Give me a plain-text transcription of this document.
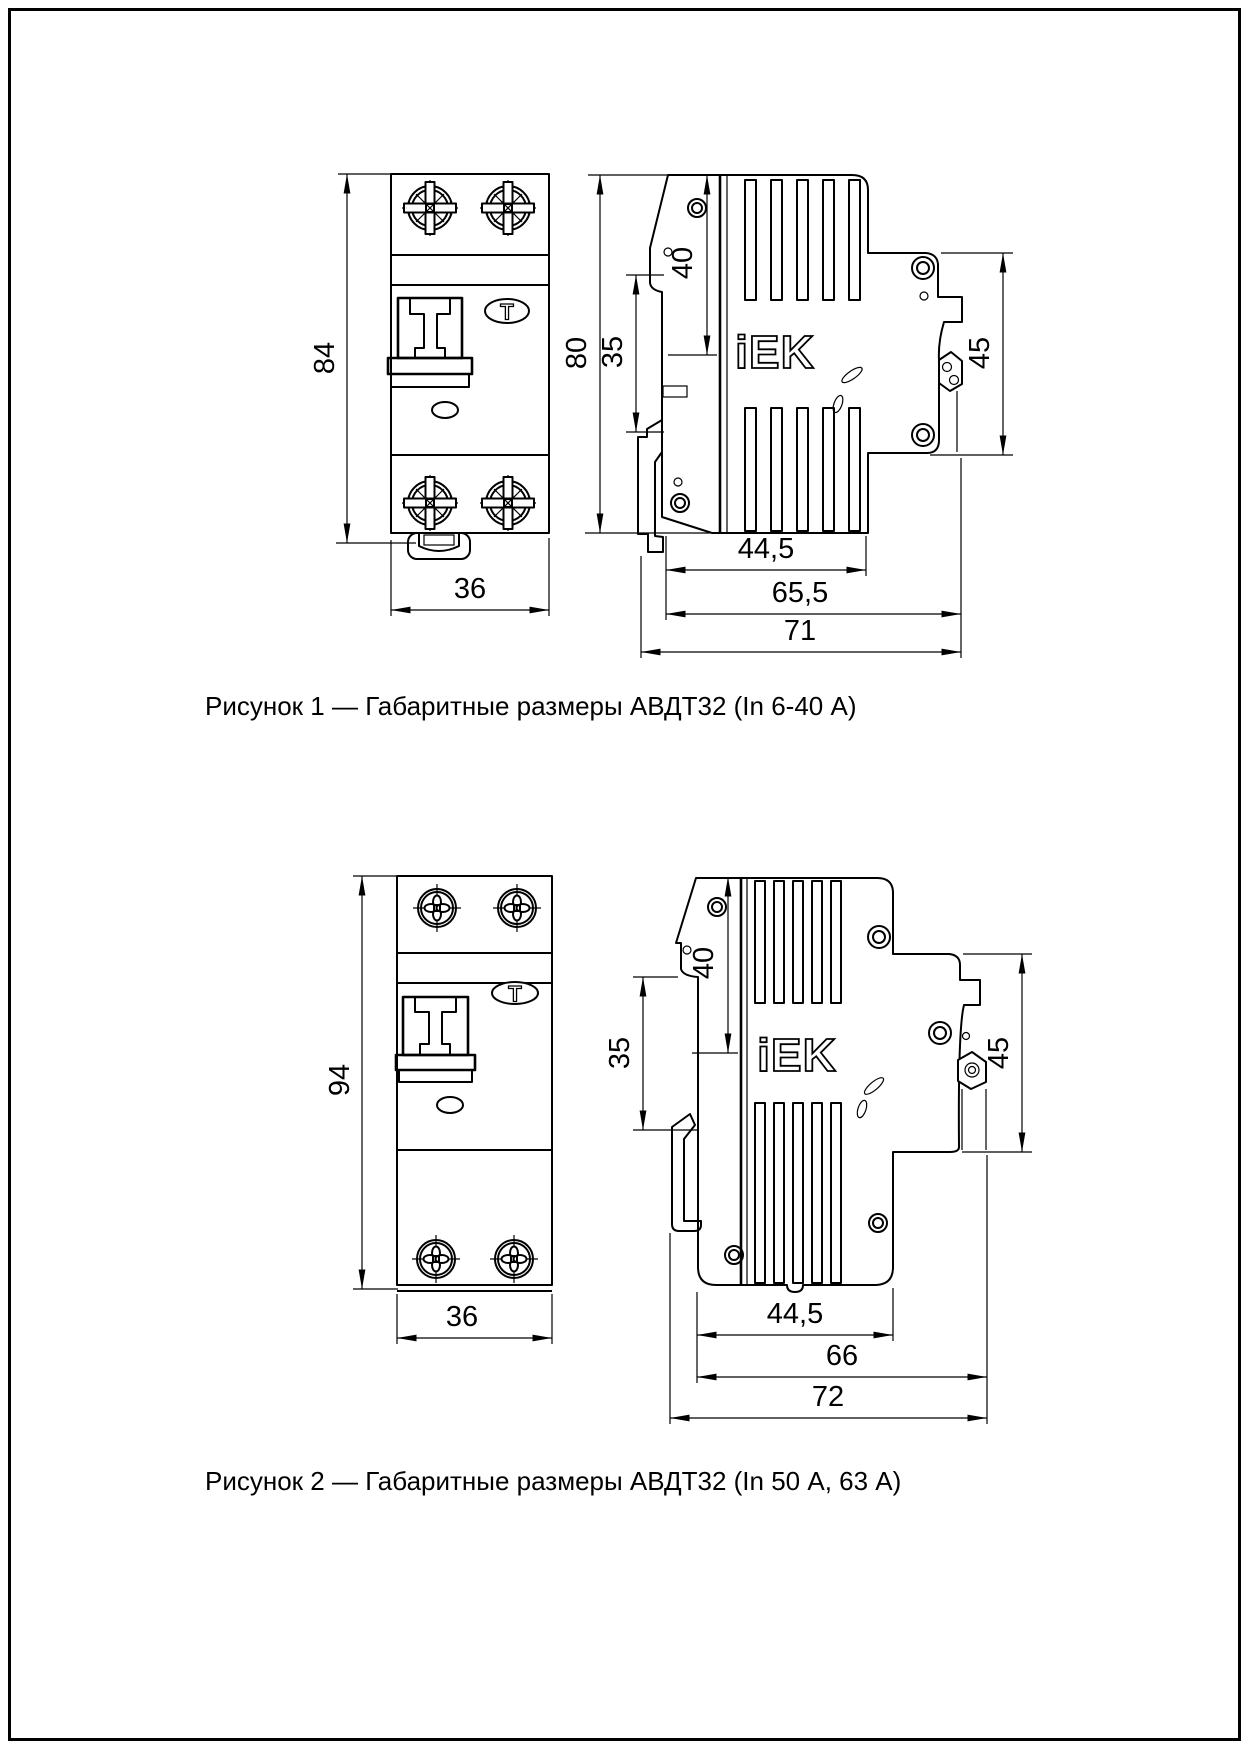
Т
84
36
iEK
80 35
40
45
44,5
65,5
71
Рисунок 1 — Габаритные размеры АВДТ32 (In 6-40 А)
Т
94
36
iEK
35
40
45
44,5
66
72
Рисунок 2 — Габаритные размеры АВДТ32 (In 50 А, 63 А)
